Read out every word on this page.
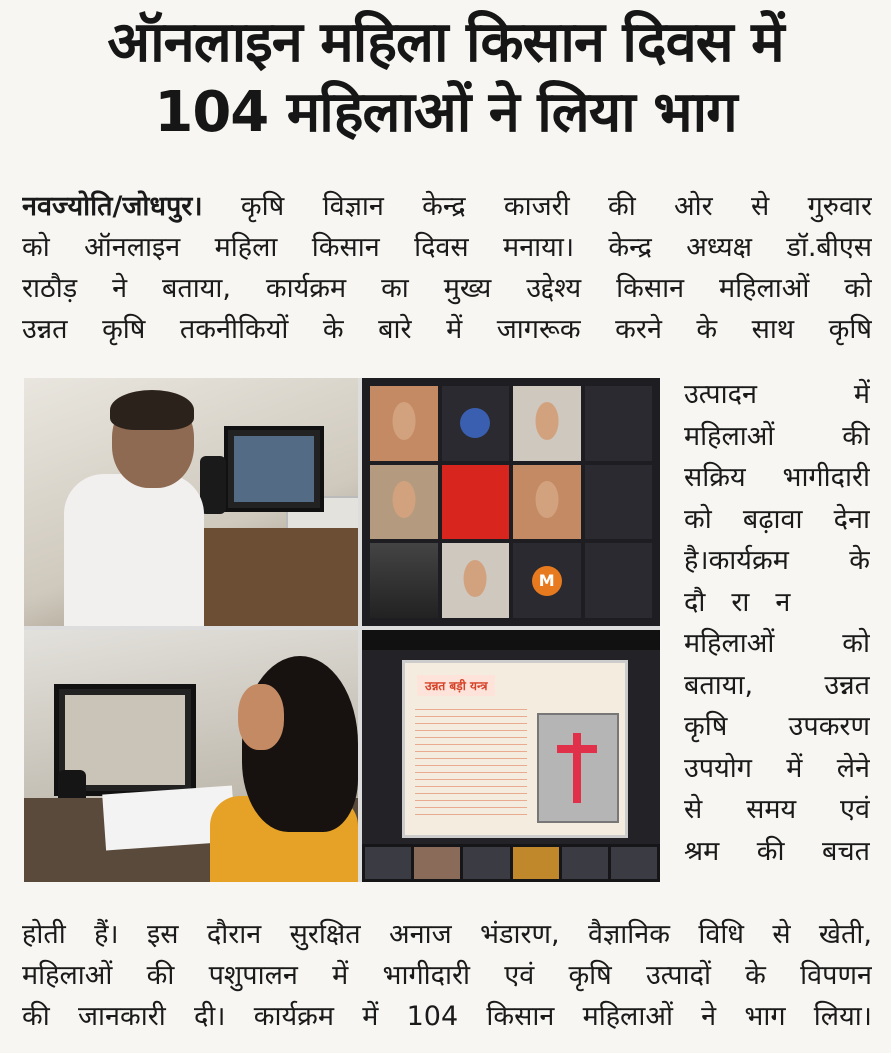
ऑनलाइन महिला किसान दिवस में
104 महिलाओं ने लिया भाग
नवज्योति/जोधपुर। कृषि विज्ञान केन्द्र काजरी की ओर से गुरुवार
को ऑनलाइन महिला किसान दिवस मनाया। केन्द्र अध्यक्ष डॉ.बीएस
राठौड़ ने बताया, कार्यक्रम का मुख्य उद्देश्य किसान महिलाओं को
उन्नत कृषि तकनीकियों के बारे में जागरूक करने के साथ कृषि
M
उन्नत बड़ी यन्त्र
उत्पादन में
महिलाओं की
सक्रिय भागीदारी
को बढ़ावा देना
है।कार्यक्रम के
दौरान
महिलाओं को
बताया, उन्नत
कृषि उपकरण
उपयोग में लेने
से समय एवं
श्रम की बचत
होती हैं। इस दौरान सुरक्षित अनाज भंडारण, वैज्ञानिक विधि से खेती,
महिलाओं की पशुपालन में भागीदारी एवं कृषि उत्पादों के विपणन
की जानकारी दी। कार्यक्रम में 104 किसान महिलाओं ने भाग लिया।
